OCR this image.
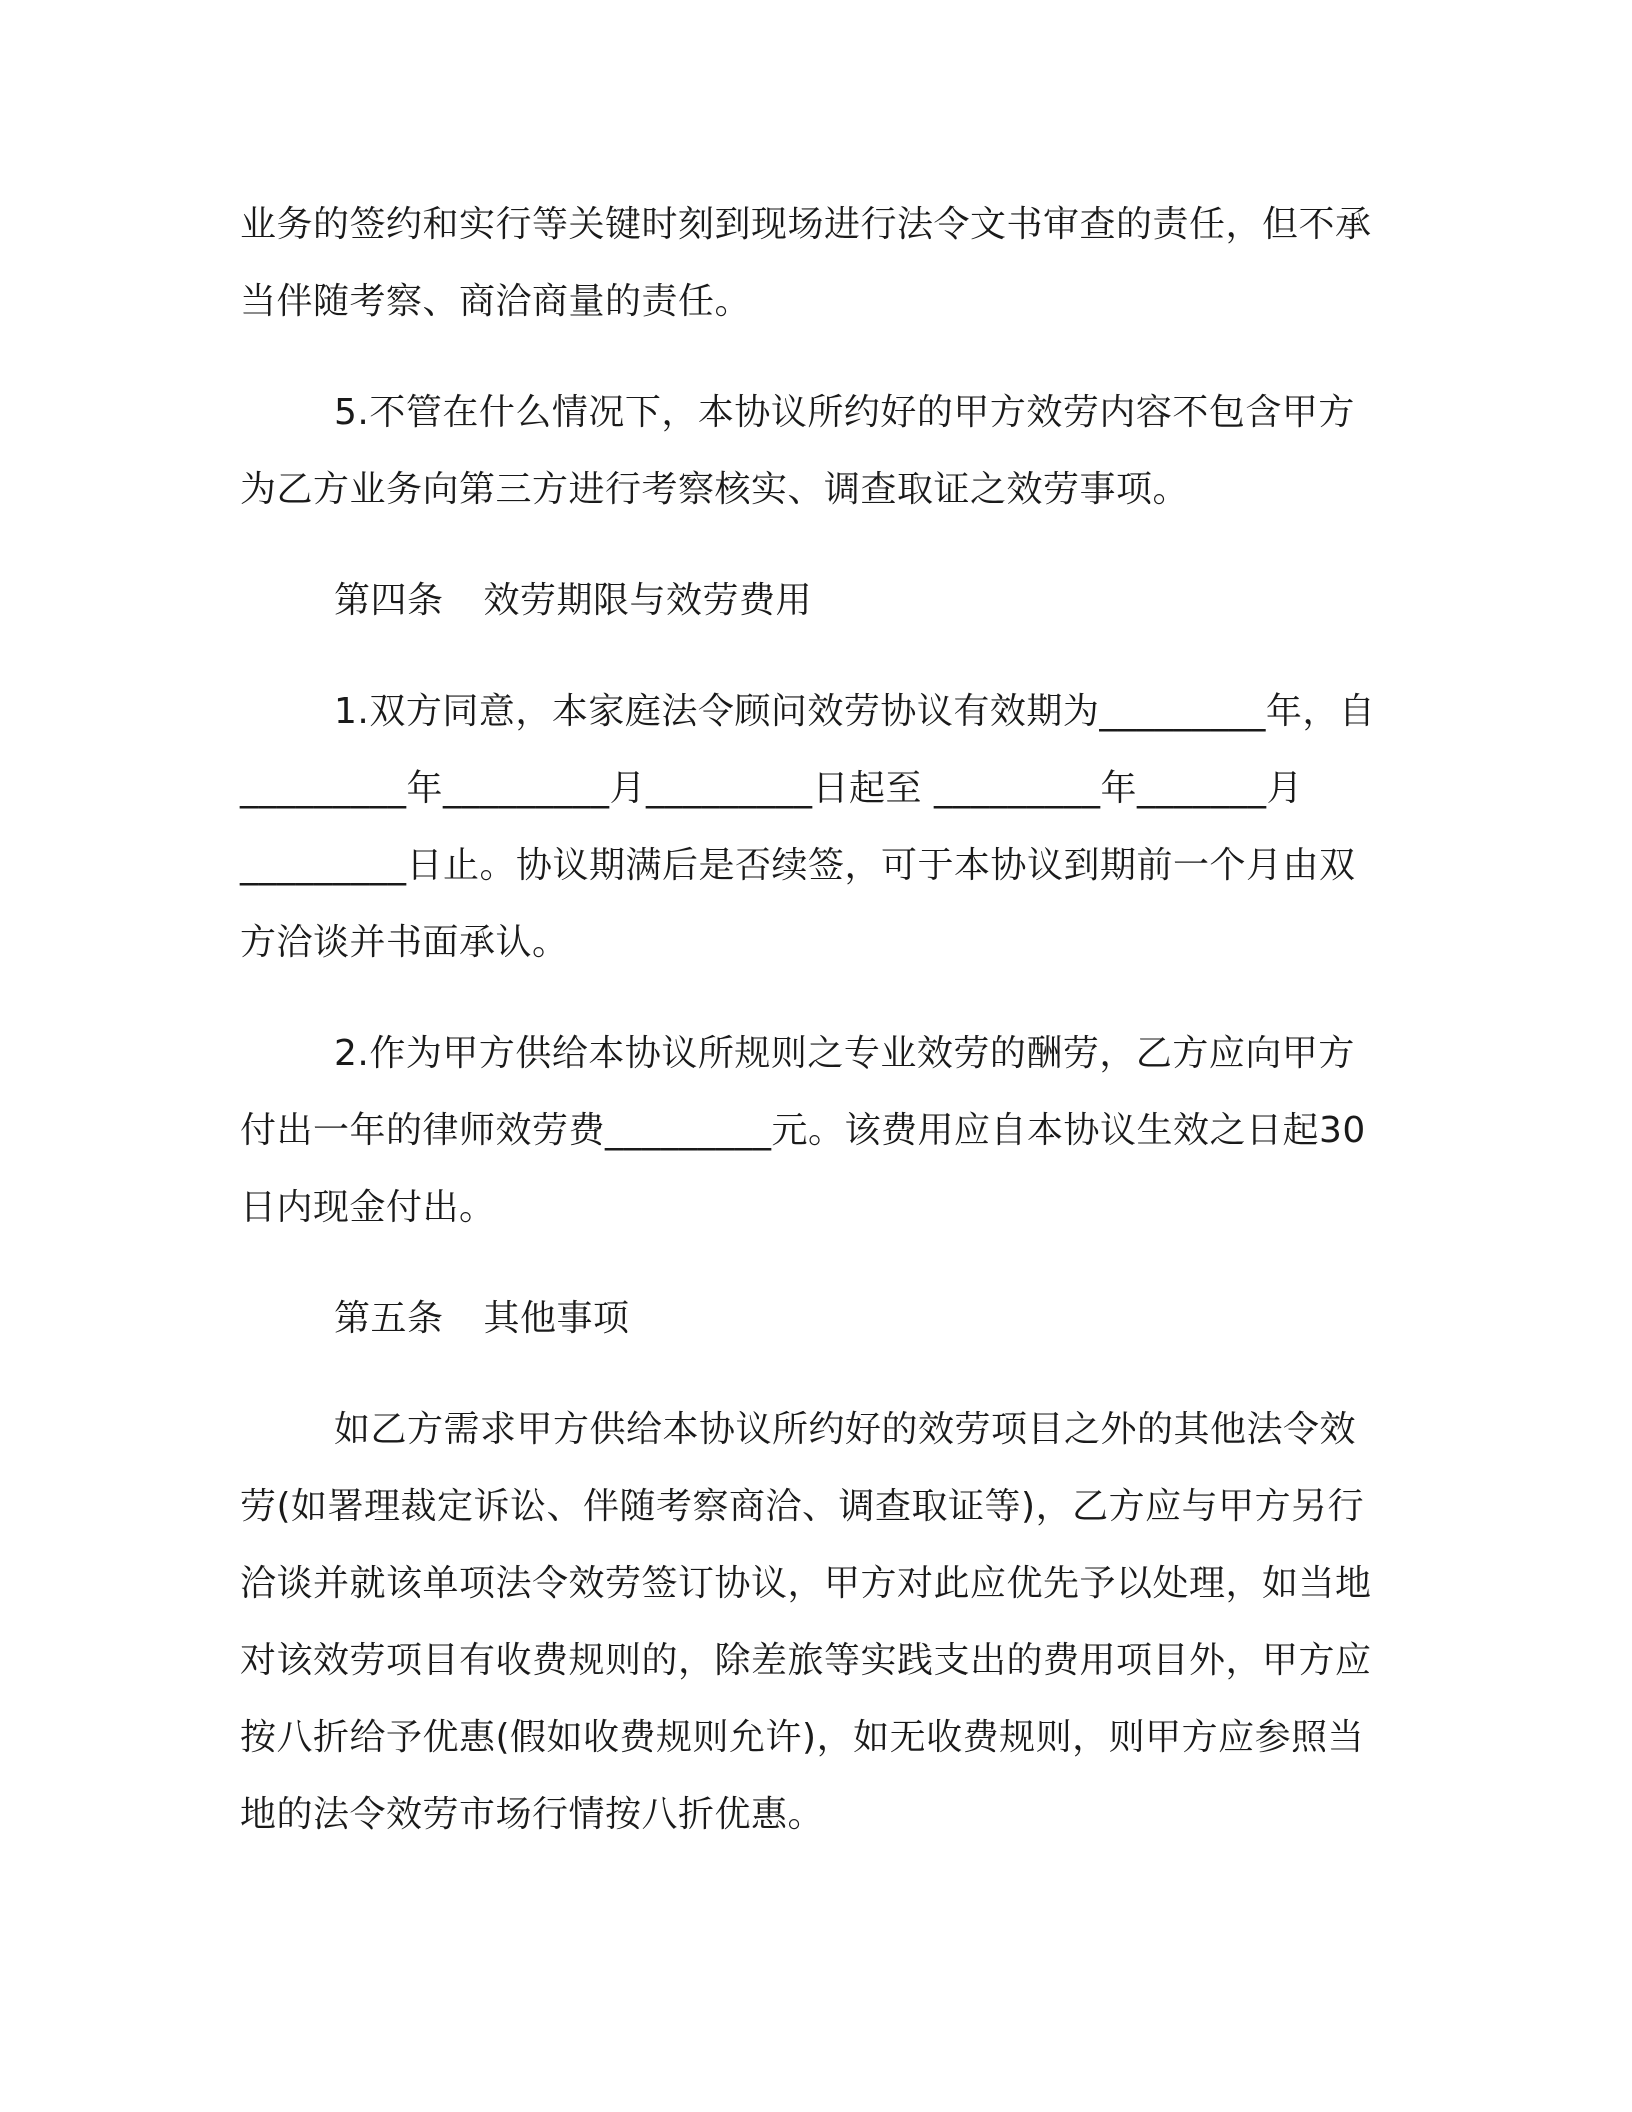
业务的签约和实行等关键时刻到现场进行法令文书审查的责任，但不承当伴随考察、商洽商量的责任。

5.不管在什么情况下，本协议所约好的甲方效劳内容不包含甲方为乙方业务向第三方进行考察核实、调查取证之效劳事项。

第四条 效劳期限与效劳费用

1.双方同意，本家庭法令顾问效劳协议有效期为_________年，自_________年_________月_________日起至 _________年_______月_________日止。协议期满后是否续签，可于本协议到期前一个月由双方洽谈并书面承认。

2.作为甲方供给本协议所规则之专业效劳的酬劳，乙方应向甲方付出一年的律师效劳费_________元。该费用应自本协议生效之日起30 日内现金付出。

第五条 其他事项

如乙方需求甲方供给本协议所约好的效劳项目之外的其他法令效劳(如署理裁定诉讼、伴随考察商洽、调查取证等)，乙方应与甲方另行洽谈并就该单项法令效劳签订协议，甲方对此应优先予以处理，如当地对该效劳项目有收费规则的，除差旅等实践支出的费用项目外，甲方应按八折给予优惠(假如收费规则允许)，如无收费规则，则甲方应参照当地的法令效劳市场行情按八折优惠。
